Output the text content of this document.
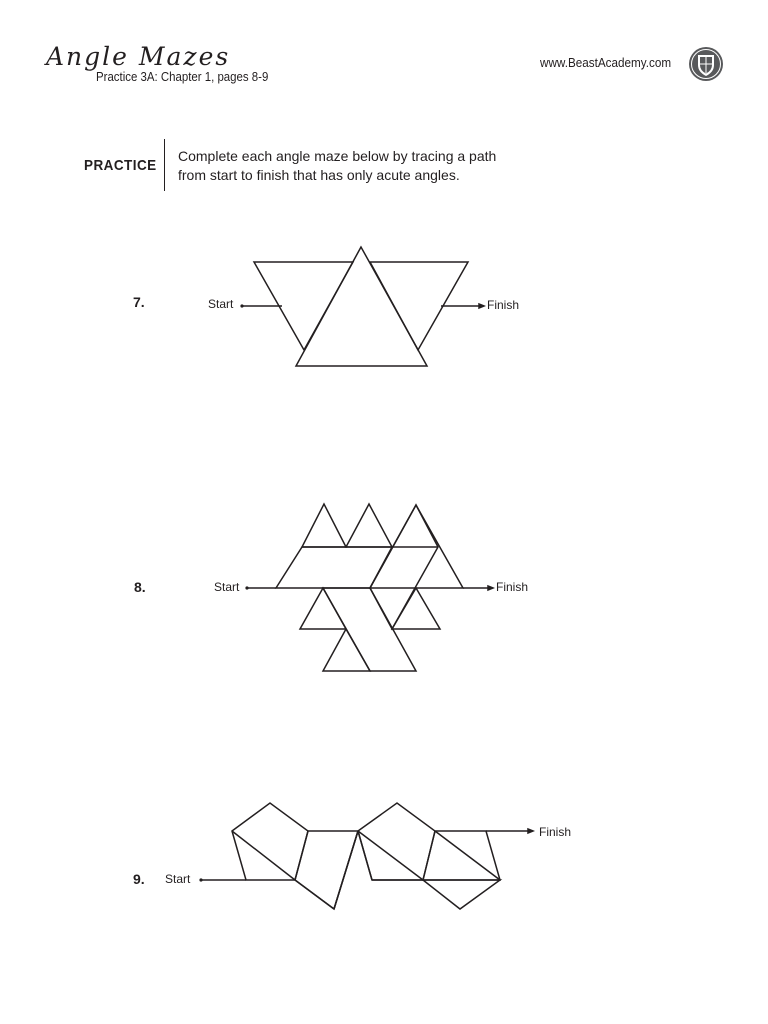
Angle Mazes
Practice 3A: Chapter 1, pages 8-9
www.BeastAcademy.com
PRACTICE
Complete each angle maze below by tracing a path
from start to finish that has only acute angles.
7.	Start	Finish
8.	Start	Finish
9. Start
Finish
